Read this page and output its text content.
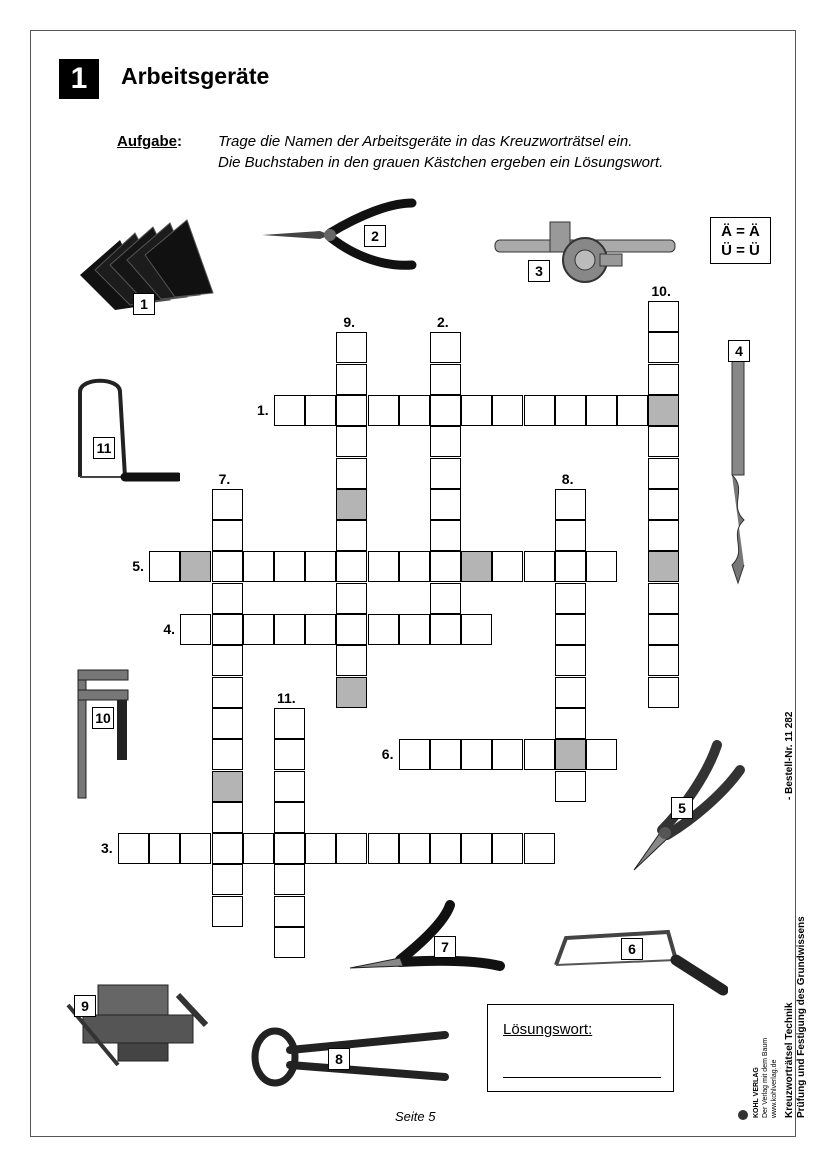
1	Arbeitsgeräte
Aufgabe: Trage die Namen der Arbeitsgeräte in das Kreuzworträtsel ein.
Die Buchstaben in den grauen Kästchen ergeben ein Lösungswort.
Ä = Ä
Ü = Ü
1.
5.
4.
6.
3.
10.
9.	2.
7.	8.
11.
1
2
3
4
5
6
7
8
9
10
11
Lösungswort:
Seite 5	Kreuzworträtsel Technik Prüfung und Festigung des Grundwissens
- Bestell-Nr. 11 282
KOHL VERLAG Der Verlag mit dem Baum www.kohlverlag.de
